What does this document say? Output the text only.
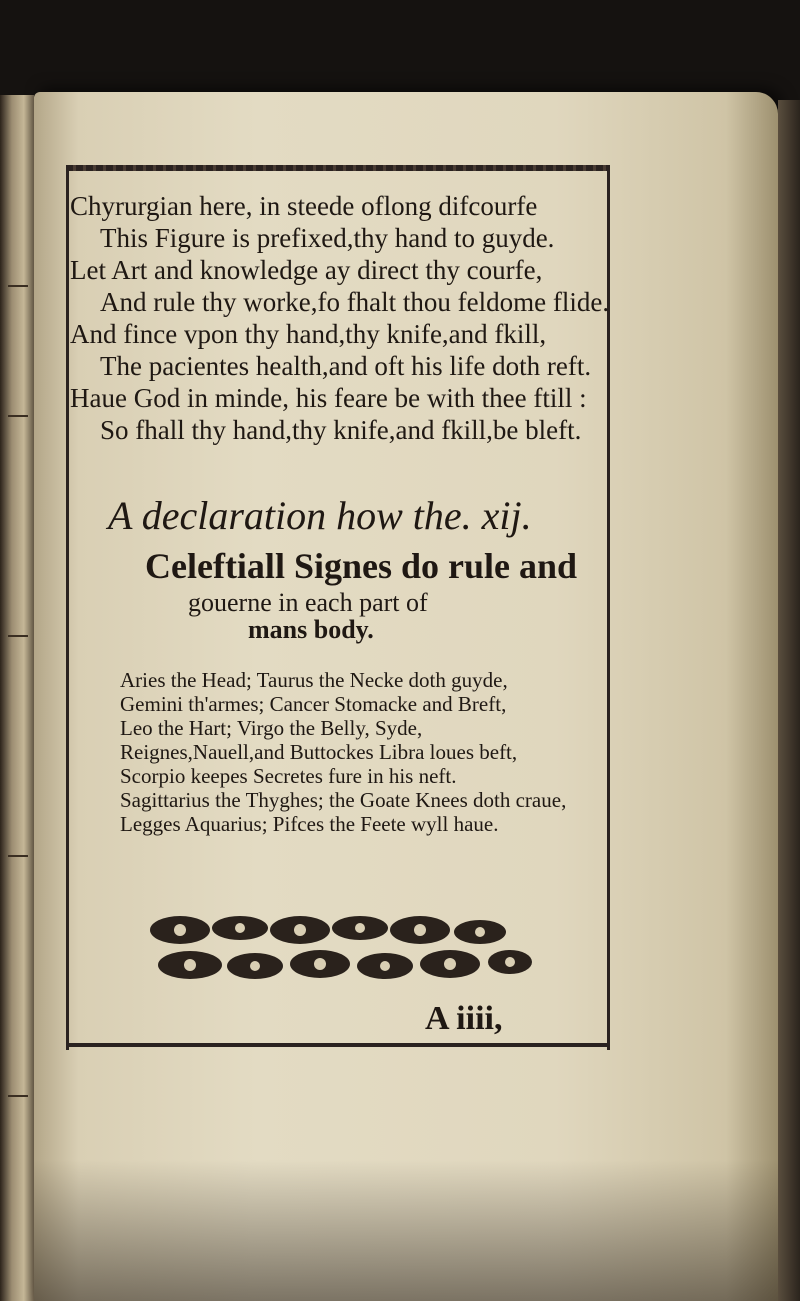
Chyrurgian here, in steede oflong difcourfe
This Figure is prefixed,thy hand to guyde.
Let Art and knowledge ay direct thy courfe,
And rule thy worke,fo fhalt thou feldome flide.
And fince vpon thy hand,thy knife,and fkill,
The pacientes health,and oft his life doth reft.
Haue God in minde, his feare be with thee ftill :
So fhall thy hand,thy knife,and fkill,be bleft.
A declaration how the. xij.
Celeftiall Signes do rule and
gouerne in each part of
mans body.
Aries the Head; Taurus the Necke doth guyde,
Gemini th'armes; Cancer Stomacke and Breft,
Leo the Hart; Virgo the Belly, Syde,
Reignes,Nauell,and Buttockes Libra loues beft,
Scorpio keepes Secretes fure in his neft.
Sagittarius the Thyghes; the Goate Knees doth craue,
Legges Aquarius; Pifces the Feete wyll haue.
A iiii,
